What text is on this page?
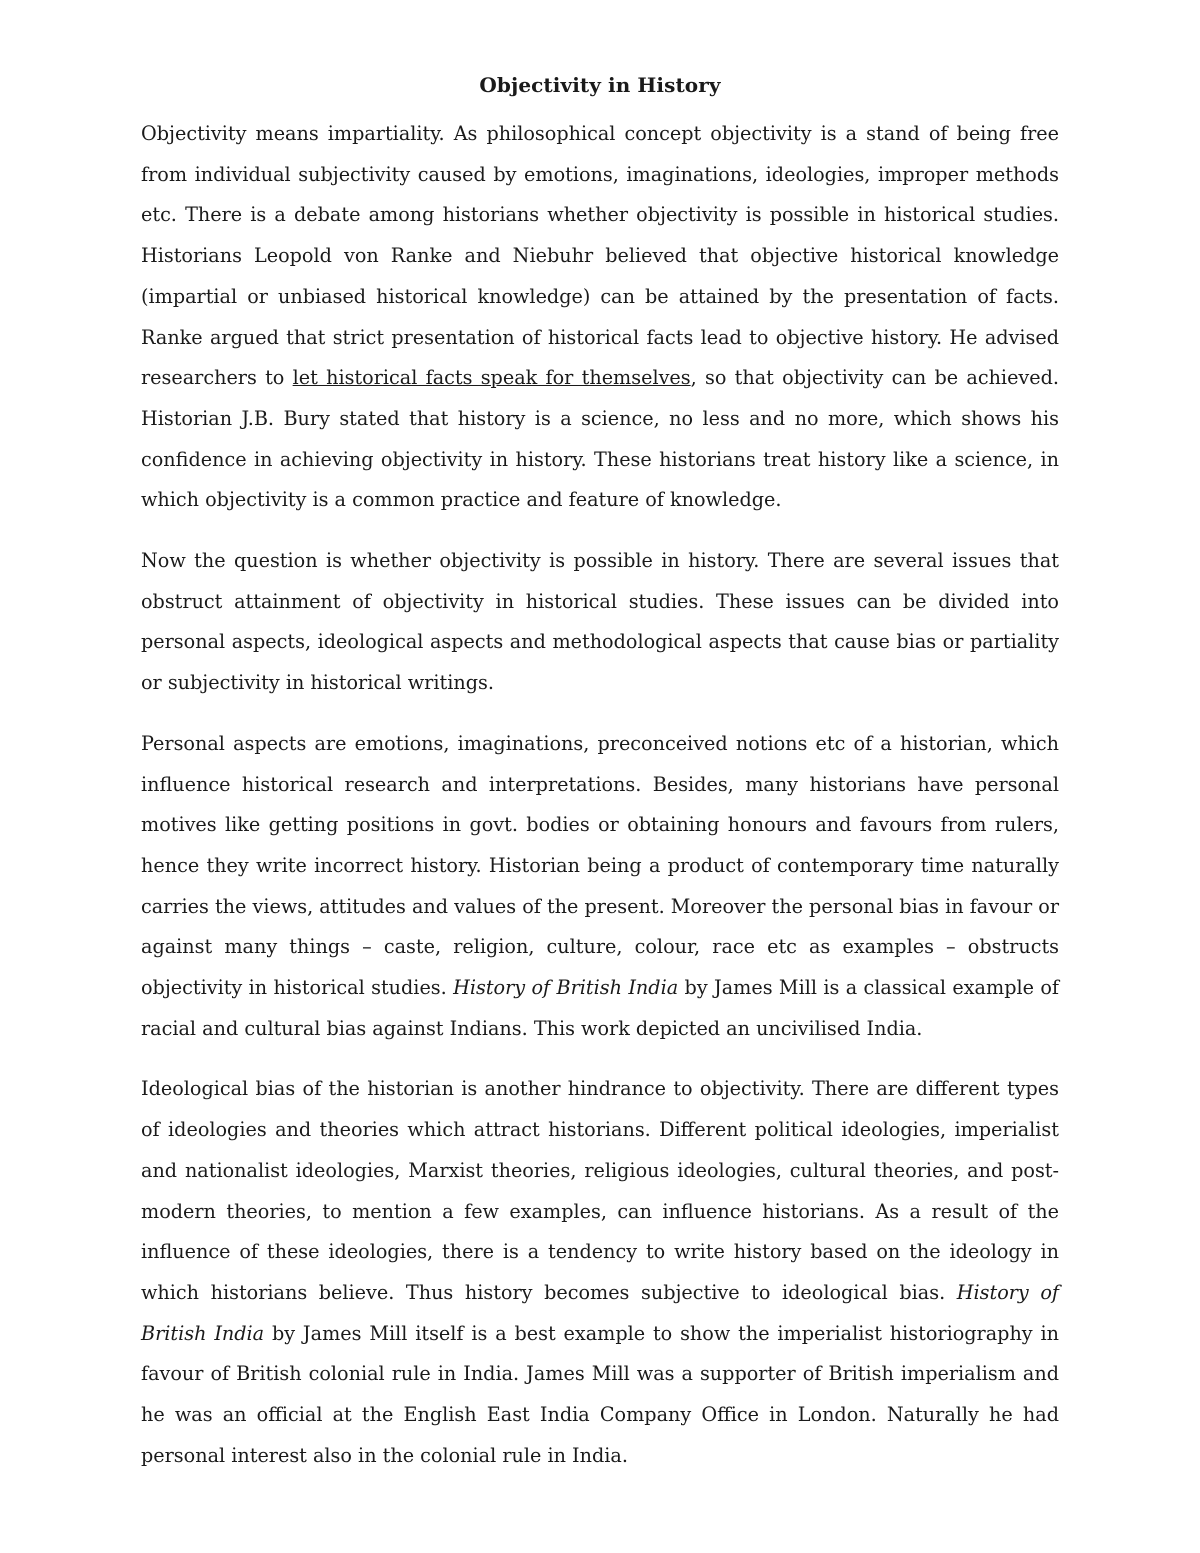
Objectivity in History

Objectivity means impartiality. As philosophical concept objectivity is a stand of being free from individual subjectivity caused by emotions, imaginations, ideologies, improper methods etc. There is a debate among historians whether objectivity is possible in historical studies. Historians Leopold von Ranke and Niebuhr believed that objective historical knowledge (impartial or unbiased historical knowledge) can be attained by the presentation of facts. Ranke argued that strict presentation of historical facts lead to objective history. He advised researchers to let historical facts speak for themselves, so that objectivity can be achieved. Historian J.B. Bury stated that history is a science, no less and no more, which shows his confidence in achieving objectivity in history. These historians treat history like a science, in which objectivity is a common practice and feature of knowledge.

Now the question is whether objectivity is possible in history. There are several issues that obstruct attainment of objectivity in historical studies. These issues can be divided into personal aspects, ideological aspects and methodological aspects that cause bias or partiality or subjectivity in historical writings.

Personal aspects are emotions, imaginations, preconceived notions etc of a historian, which influence historical research and interpretations. Besides, many historians have personal motives like getting positions in govt. bodies or obtaining honours and favours from rulers, hence they write incorrect history. Historian being a product of contemporary time naturally carries the views, attitudes and values of the present. Moreover the personal bias in favour or against many things – caste, religion, culture, colour, race etc as examples – obstructs objectivity in historical studies. History of British India by James Mill is a classical example of racial and cultural bias against Indians. This work depicted an uncivilised India.

Ideological bias of the historian is another hindrance to objectivity. There are different types of ideologies and theories which attract historians. Different political ideologies, imperialist and nationalist ideologies, Marxist theories, religious ideologies, cultural theories, and post-modern theories, to mention a few examples, can influence historians. As a result of the influence of these ideologies, there is a tendency to write history based on the ideology in which historians believe. Thus history becomes subjective to ideological bias. History of British India by James Mill itself is a best example to show the imperialist historiography in favour of British colonial rule in India. James Mill was a supporter of British imperialism and he was an official at the English East India Company Office in London. Naturally he had personal interest also in the colonial rule in India.
